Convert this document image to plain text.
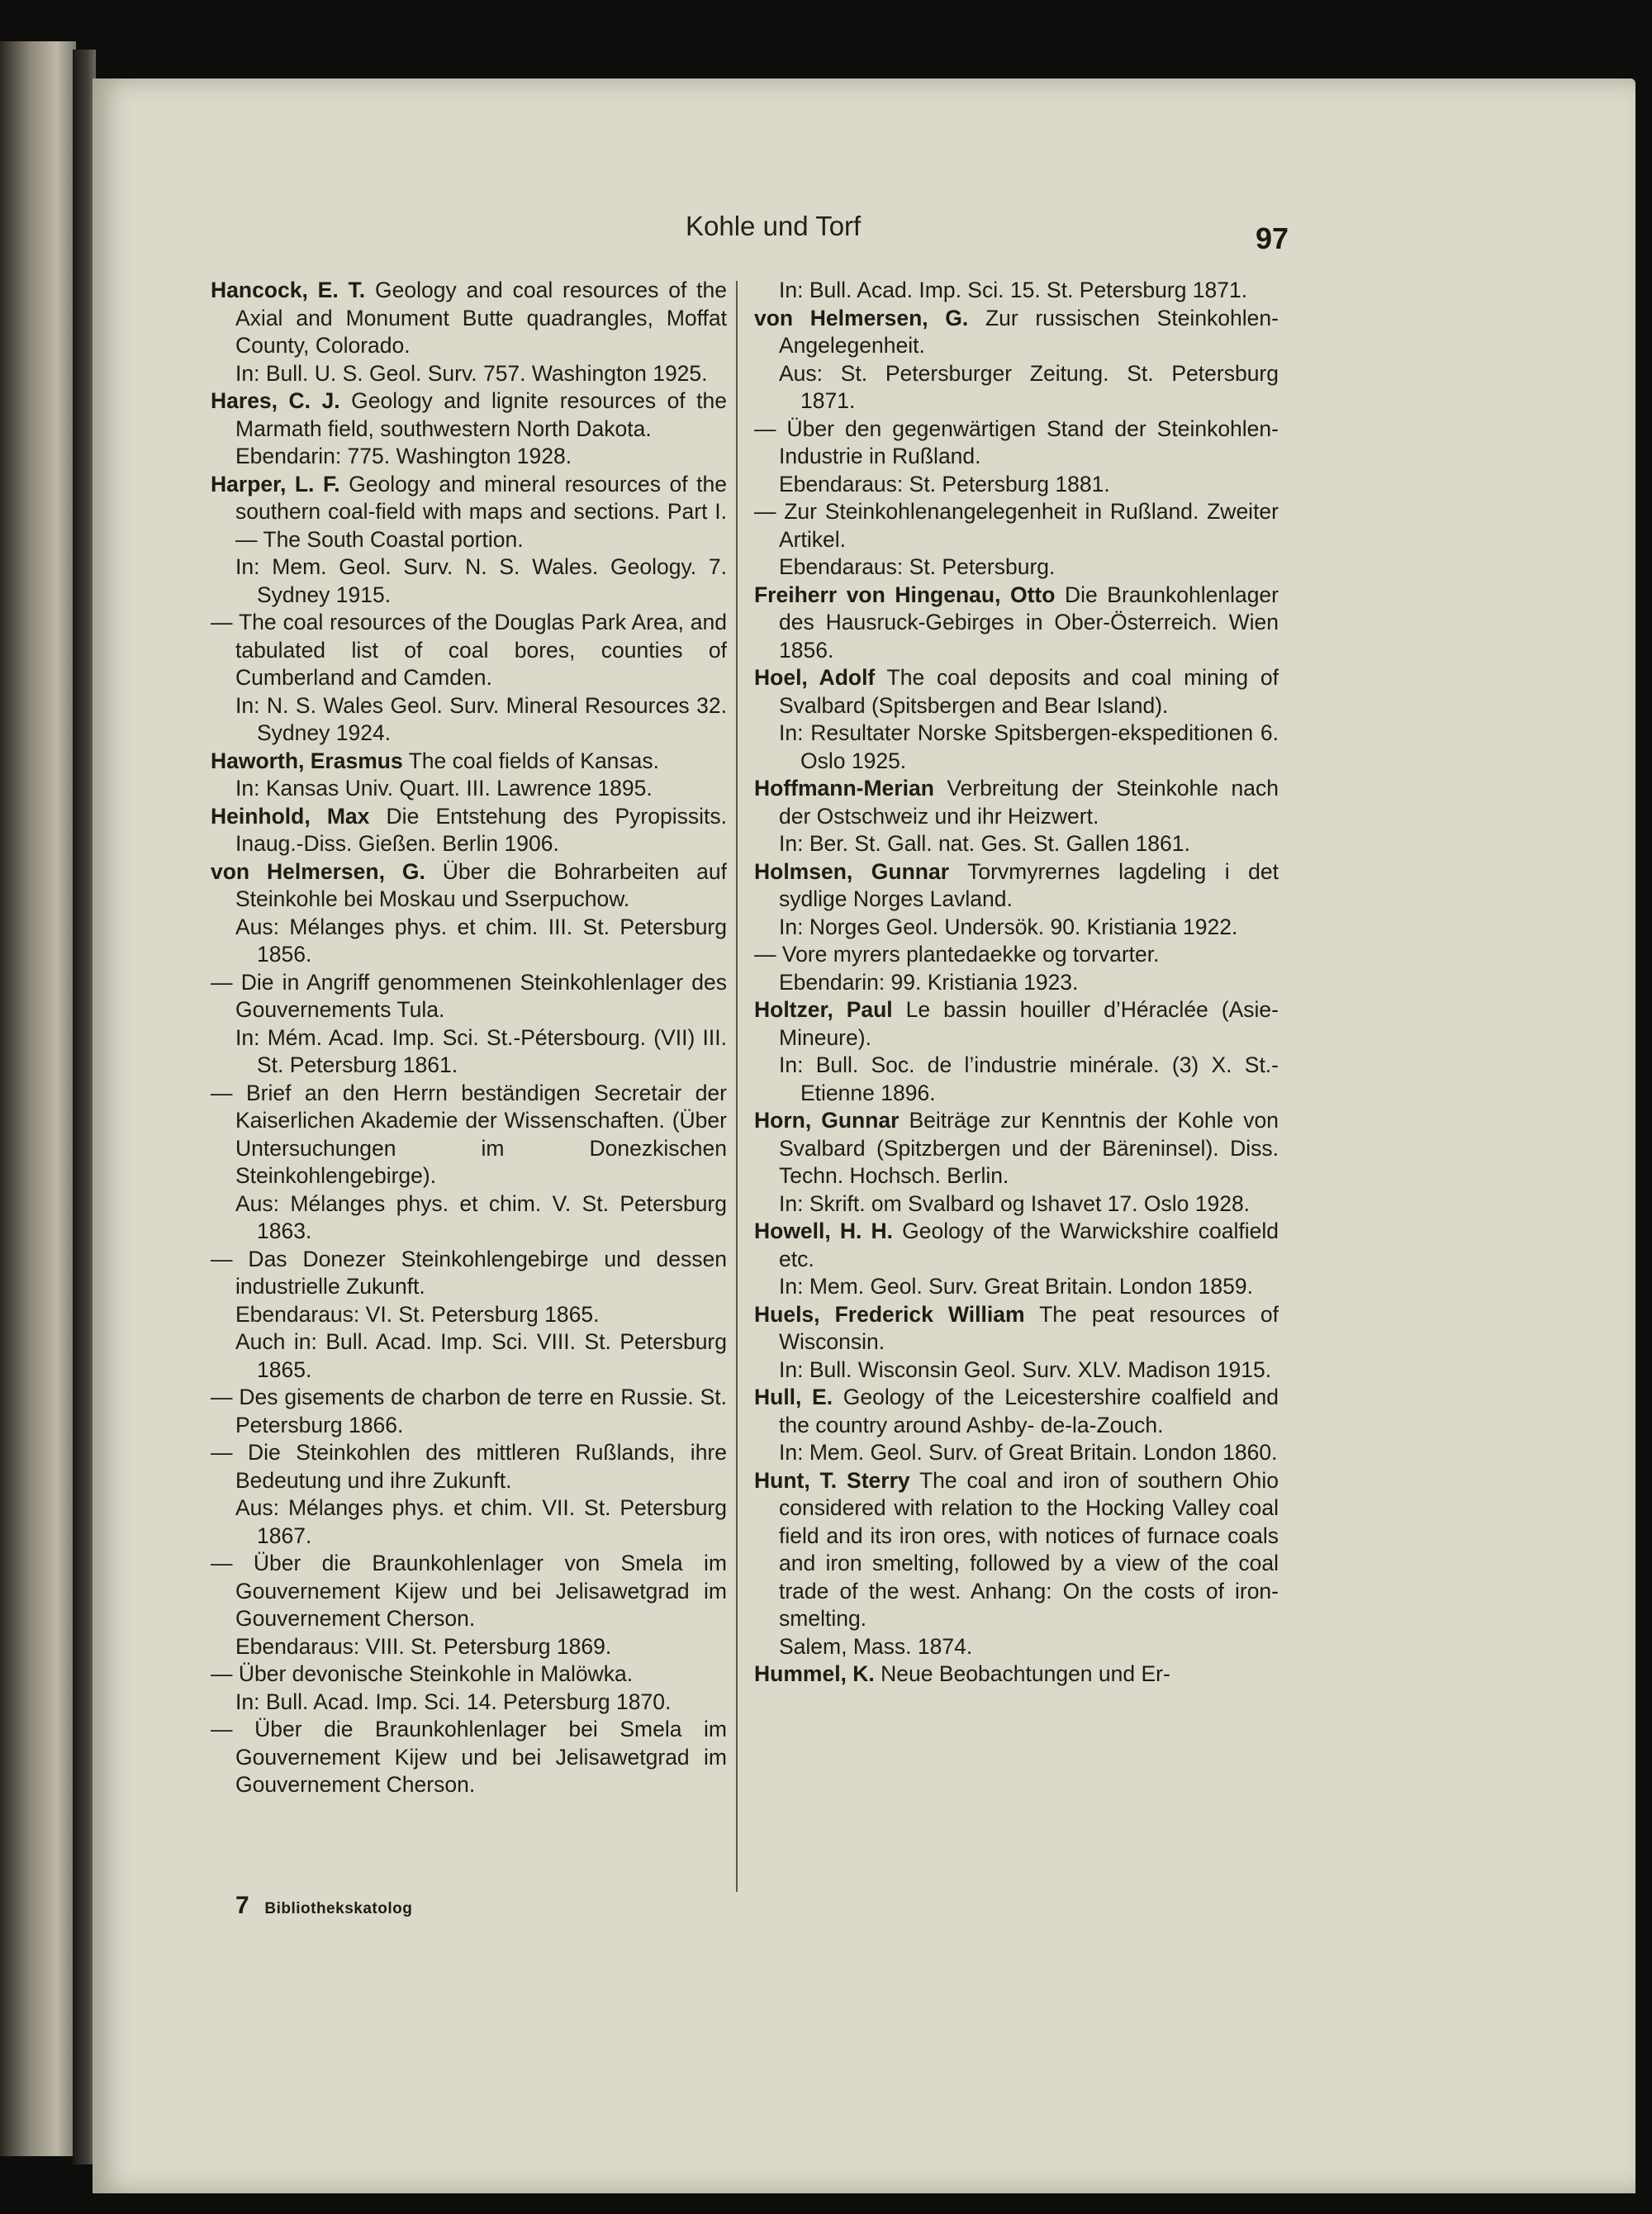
Kohle und Torf	97

Hancock, E. T. Geology and coal resources of the Axial and Monument Butte quadrangles, Moffat County, Colorado.

In: Bull. U. S. Geol. Surv. 757. Washington 1925.

Hares, C. J. Geology and lignite resources of the Marmath field, southwestern North Dakota.

Ebendarin: 775. Washington 1928.

Harper, L. F. Geology and mineral resources of the southern coal-field with maps and sections. Part I. — The South Coastal portion.

In: Mem. Geol. Surv. N. S. Wales. Geology. 7. Sydney 1915.

— The coal resources of the Douglas Park Area, and tabulated list of coal bores, counties of Cumberland and Camden.

In: N. S. Wales Geol. Surv. Mineral Resources 32. Sydney 1924.

Haworth, Erasmus The coal fields of Kansas.

In: Kansas Univ. Quart. III. Lawrence 1895.

Heinhold, Max Die Entstehung des Pyropissits. Inaug.-Diss. Gießen. Berlin 1906.

von Helmersen, G. Über die Bohrarbeiten auf Steinkohle bei Moskau und Sserpuchow.

Aus: Mélanges phys. et chim. III. St. Petersburg 1856.

— Die in Angriff genommenen Steinkohlenlager des Gouvernements Tula.

In: Mém. Acad. Imp. Sci. St.-Pétersbourg. (VII) III. St. Petersburg 1861.

— Brief an den Herrn beständigen Secretair der Kaiserlichen Akademie der Wissenschaften. (Über Untersuchungen im Donezkischen Steinkohlengebirge).

Aus: Mélanges phys. et chim. V. St. Petersburg 1863.

— Das Donezer Steinkohlengebirge und dessen industrielle Zukunft.

Ebendaraus: VI. St. Petersburg 1865.

Auch in: Bull. Acad. Imp. Sci. VIII. St. Petersburg 1865.

— Des gisements de charbon de terre en Russie. St. Petersburg 1866.

— Die Steinkohlen des mittleren Rußlands, ihre Bedeutung und ihre Zukunft.

Aus: Mélanges phys. et chim. VII. St. Petersburg 1867.

— Über die Braunkohlenlager von Smela im Gouvernement Kijew und bei Jelisawetgrad im Gouvernement Cherson.

Ebendaraus: VIII. St. Petersburg 1869.

— Über devonische Steinkohle in Malöwka.

In: Bull. Acad. Imp. Sci. 14. Petersburg 1870.

— Über die Braunkohlenlager bei Smela im Gouvernement Kijew und bei Jelisawetgrad im Gouvernement Cherson.

In: Bull. Acad. Imp. Sci. 15. St. Petersburg 1871.

von Helmersen, G. Zur russischen Steinkohlen-Angelegenheit.

Aus: St. Petersburger Zeitung. St. Petersburg 1871.

— Über den gegenwärtigen Stand der Steinkohlen-Industrie in Rußland.

Ebendaraus: St. Petersburg 1881.

— Zur Steinkohlenangelegenheit in Rußland. Zweiter Artikel.

Ebendaraus: St. Petersburg.

Freiherr von Hingenau, Otto Die Braunkohlenlager des Hausruck-Gebirges in Ober-Österreich. Wien 1856.

Hoel, Adolf The coal deposits and coal mining of Svalbard (Spitsbergen and Bear Island).

In: Resultater Norske Spitsbergen-ekspeditionen 6. Oslo 1925.

Hoffmann-Merian Verbreitung der Steinkohle nach der Ostschweiz und ihr Heizwert.

In: Ber. St. Gall. nat. Ges. St. Gallen 1861.

Holmsen, Gunnar Torvmyrernes lagdeling i det sydlige Norges Lavland.

In: Norges Geol. Undersök. 90. Kristiania 1922.

— Vore myrers plantedaekke og torvarter.

Ebendarin: 99. Kristiania 1923.

Holtzer, Paul Le bassin houiller d’Héraclée (Asie-Mineure).

In: Bull. Soc. de l’industrie minérale. (3) X. St.-Etienne 1896.

Horn, Gunnar Beiträge zur Kenntnis der Kohle von Svalbard (Spitzbergen und der Bäreninsel). Diss. Techn. Hochsch. Berlin.

In: Skrift. om Svalbard og Ishavet 17. Oslo 1928.

Howell, H. H. Geology of the Warwickshire coalfield etc.

In: Mem. Geol. Surv. Great Britain. London 1859.

Huels, Frederick William The peat resources of Wisconsin.

In: Bull. Wisconsin Geol. Surv. XLV. Madison 1915.

Hull, E. Geology of the Leicestershire coalfield and the country around Ashby- de-la-Zouch.

In: Mem. Geol. Surv. of Great Britain. London 1860.

Hunt, T. Sterry The coal and iron of southern Ohio considered with relation to the Hocking Valley coal field and its iron ores, with notices of furnace coals and iron smelting, followed by a view of the coal trade of the west. Anhang: On the costs of iron-smelting.

Salem, Mass. 1874.

Hummel, K. Neue Beobachtungen und Er-

7 Bibliothekskatolog
